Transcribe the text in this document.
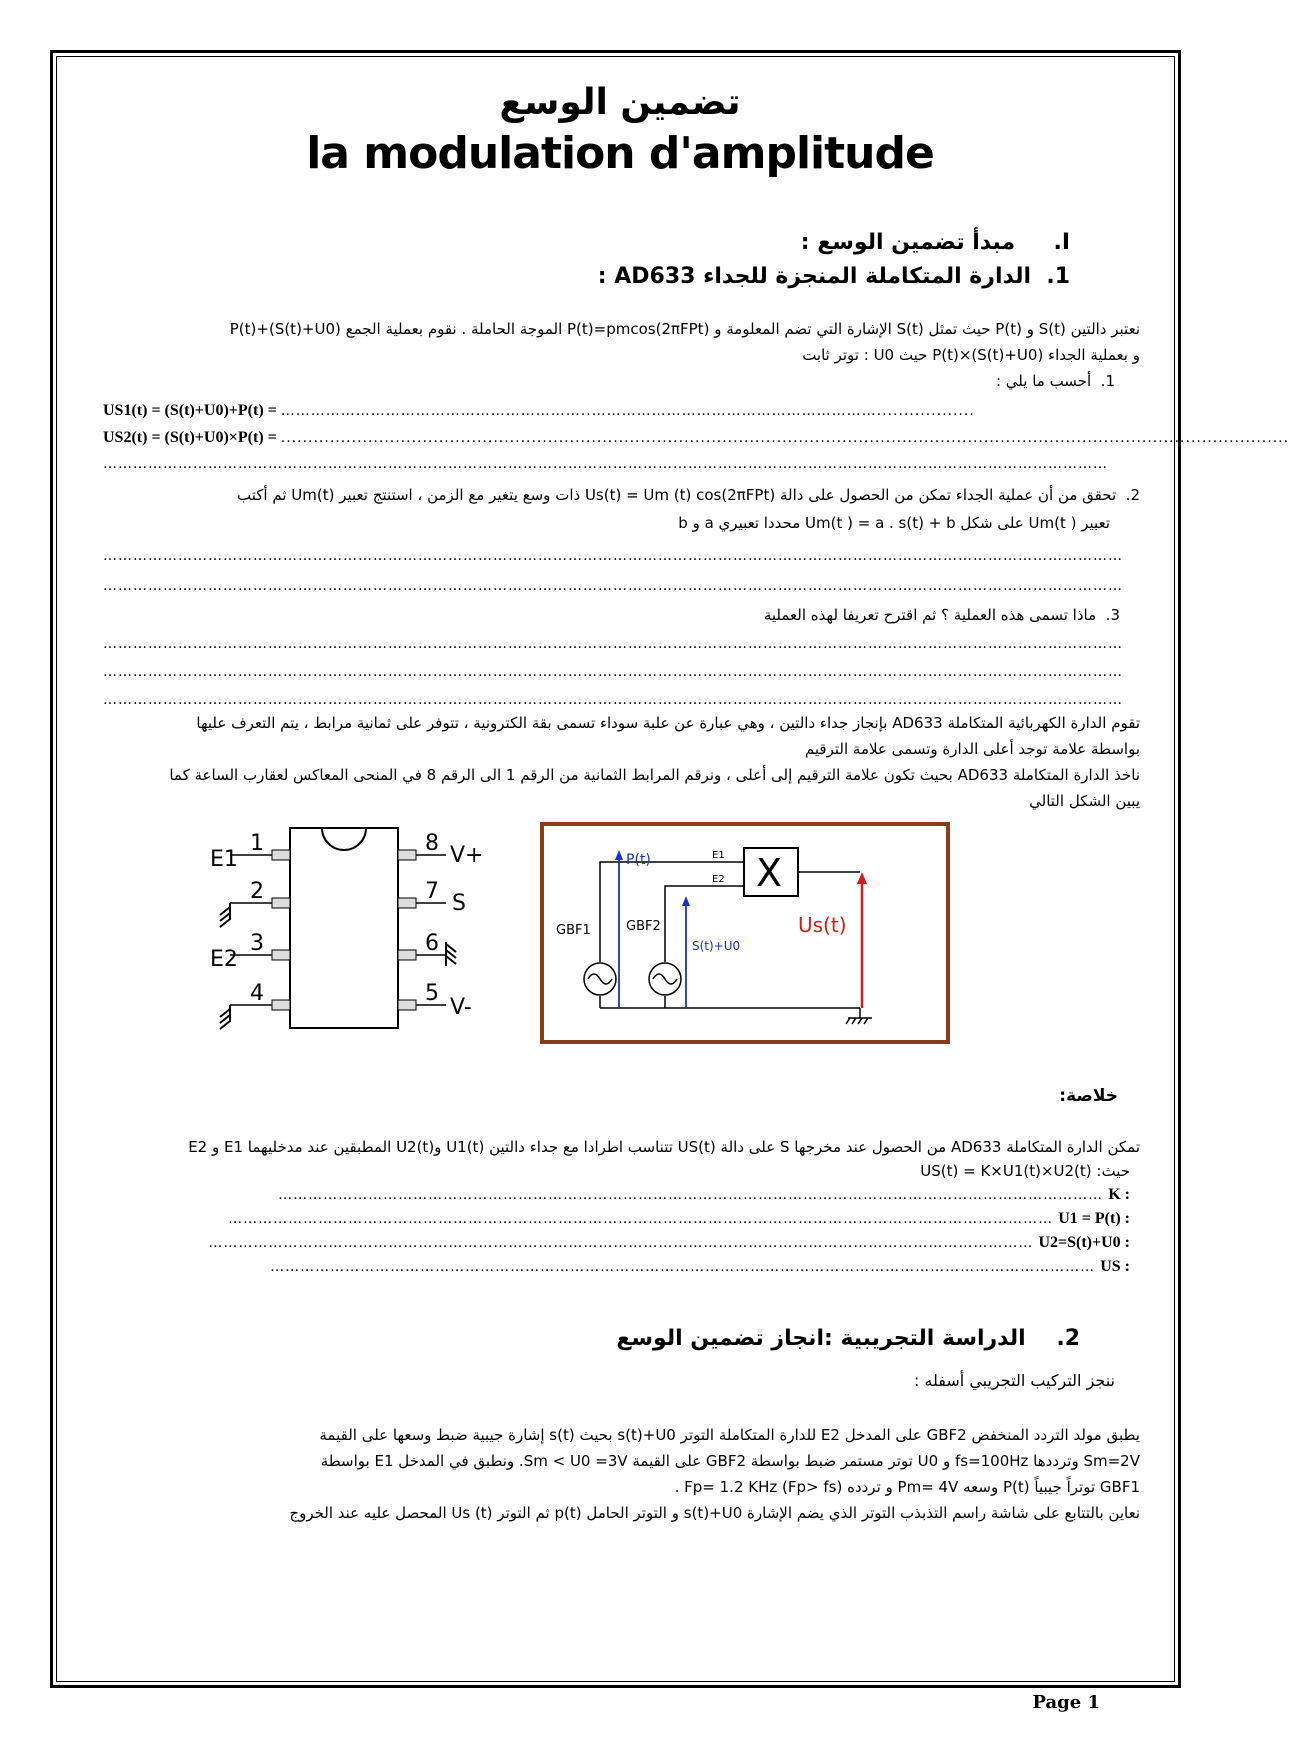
تضمين الوسع
la modulation d'amplitude
I.     مبدأ تضمين الوسع :
1.  الدارة المتكاملة المنجزة للجداء AD633 :
نعتبر دالتين S(t) و P(t) حيث تمثل S(t) الإشارة التي تضم المعلومة و P(t)=pmcos(2πFPt) الموجة الحاملة . نقوم بعملية الجمع (S(t)+U0)+P(t)
و بعملية الجداء (S(t)+U0)×P(t) حيث U0 : توتر ثابت
1.  أحسب ما يلي :
US1(t) = (S(t)+U0)+P(t) = ……………………………………………………..…………………………………………………..................
US2(t) = (S(t)+U0)×P(t) = .........................................................................................................................................................................................
…………………………………………………………………………………………………………………………………………………………………………………
2.  تحقق من أن عملية الجداء تمكن من الحصول على دالة Us(t) = Um (t) cos(2πFPt) ذات وسع يتغير مع الزمن ، استنتج تعبير Um(t) ثم أكتب
تعبير ( Um(t على شكل Um(t ) = a . s(t) + b محددا تعبيري a و b
……………………………………………………………………………………………………………………………………………………………………………………
……………………………………………………………………………………………………………………………………………………………………………………
3.  ماذا تسمى هذه العملية ؟ ثم اقترح تعريفا لهذه العملية
……………………………………………………………………………………………………………………………………………………………………………………
……………………………………………………………………………………………………………………………………………………………………………………
……………………………………………………………………………………………………………………………………………………………………………………
تقوم الدارة الكهربائية المتكاملة AD633 بإنجاز جداء دالتين ، وهي عبارة عن علبة سوداء تسمى بقة الكترونية ، تتوفر على ثمانية مرابط ، يتم التعرف عليها
بواسطة علامة توجد أعلى الدارة وتسمى علامة الترقيم
ناخذ الدارة المتكاملة AD633 بحيث تكون علامة الترقيم إلى أعلى ، ونرقم المرابط الثمانية من الرقم 1 الى الرقم 8 في المنحى المعاكس لعقارب الساعة كما
يبين الشكل التالي
1
2
3
4
8
7
6
5
E1
E2
V+
S
V-
X
E1
E2
GBF1	GBF2
P(t)
S(t)+U0
Us(t)
خلاصة:
تمكن الدارة المتكاملة AD633 من الحصول عند مخرجها S على دالة US(t) تتناسب اطرادا مع جداء دالتين U1(t) وU2(t) المطبقين عند مدخليهما E1 و E2
حيث: US(t) = K×U1(t)×U2(t)
………………………………………………………………………………………………………………………………………………… K :
………………………………………………………………………………………………………………………………………………… U1 = P(t) :
………………………………………………………………………………………………………………………………………………… U2=S(t)+U0 :
………………………………………………………………………………………………………………………………………………… US :
2.    الدراسة التجريبية :انجاز تضمين الوسع
ننجز التركيب التجريبي أسفله :
يطبق مولد التردد المنخفض GBF2 على المدخل E2 للدارة المتكاملة التوتر s(t)+U0 بحيث s(t) إشارة جيبية ضبط وسعها على القيمة
Sm=2V وترددها fs=100Hz و U0 توتر مستمر ضبط بواسطة GBF2 على القيمة Sm < U0 =3V. ونطبق في المدخل E1 بواسطة
GBF1 توتراً جيبياً P(t) وسعه Pm= 4V و تردده Fp= 1.2 KHz (Fp> fs) .
نعاين بالتتابع على شاشة راسم التذبذب التوتر الذي يضم الإشارة s(t)+U0 و التوتر الحامل p(t) ثم التوتر Us (t) المحصل عليه عند الخروج
Page 1
